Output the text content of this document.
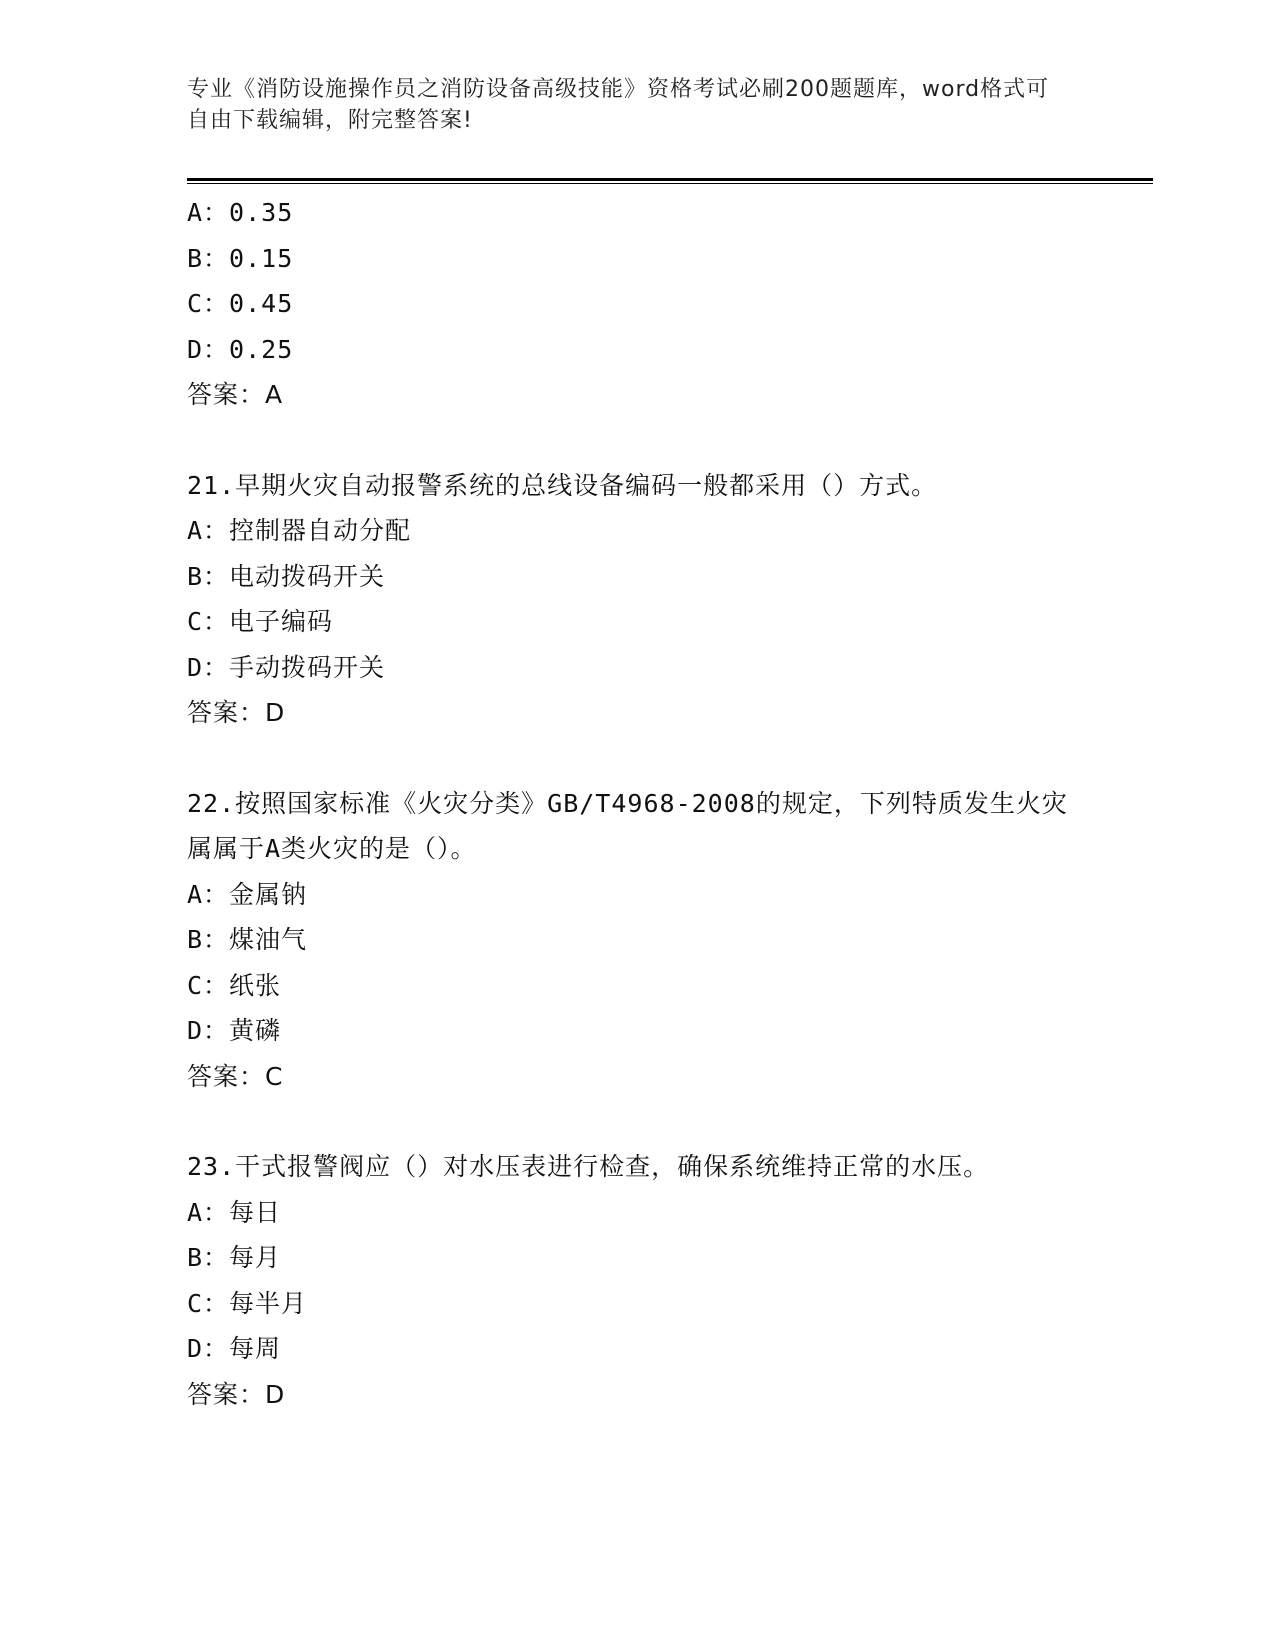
专业《消防设施操作员之消防设备高级技能》资格考试必刷200题题库，word格式可自由下载编辑，附完整答案!
A：0.35
B：0.15
C：0.45
D：0.25
答案：A
21.早期火灾自动报警系统的总线设备编码一般都采用（）方式。
A：控制器自动分配
B：电动拨码开关
C：电子编码
D：手动拨码开关
答案：D
22.按照国家标准《火灾分类》GB/T4968-2008的规定，下列特质发生火灾属属于A类火灾的是（）。
A：金属钠
B：煤油气
C：纸张
D：黄磷
答案：C
23.干式报警阀应（）对水压表进行检查，确保系统维持正常的水压。
A：每日
B：每月
C：每半月
D：每周
答案：D
